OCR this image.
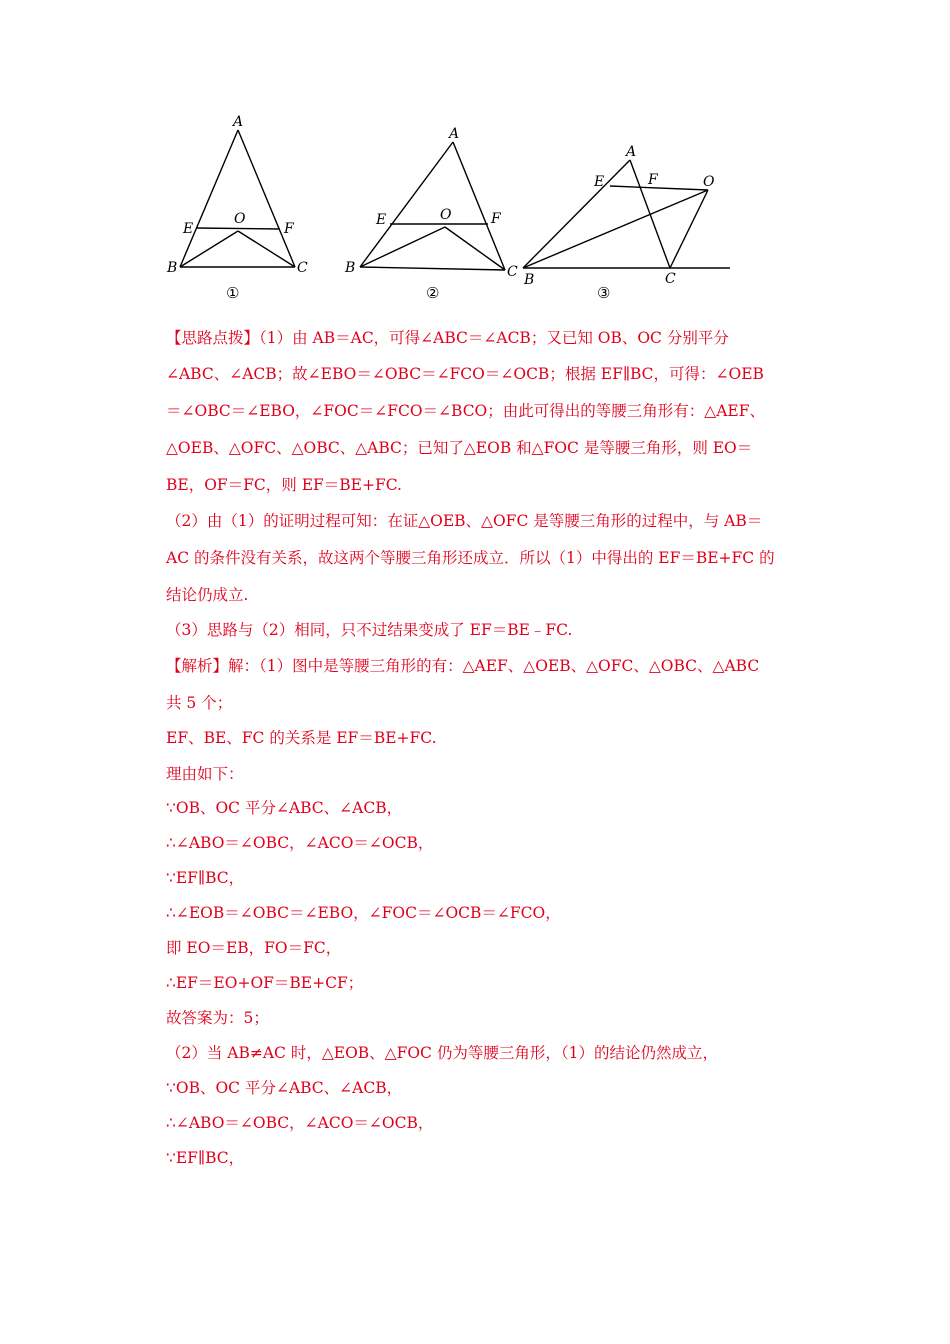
A
B	C
E	F
O
①
A
B	C
E	F
O
②
A
B	C
E	F	O
③
【思路点拨】（1）由 AB＝AC，可得∠ABC＝∠ACB；又已知 OB、OC 分别平分
∠ABC、∠ACB；故∠EBO＝∠OBC＝∠FCO＝∠OCB；根据 EF∥BC，可得：∠OEB
＝∠OBC＝∠EBO，∠FOC＝∠FCO＝∠BCO；由此可得出的等腰三角形有：△AEF、
△OEB、△OFC、△OBC、△ABC；已知了△EOB 和△FOC 是等腰三角形，则 EO＝
BE，OF＝FC，则 EF＝BE+FC.
（2）由（1）的证明过程可知：在证△OEB、△OFC 是等腰三角形的过程中，与 AB＝
AC 的条件没有关系，故这两个等腰三角形还成立．所以（1）中得出的 EF＝BE+FC 的
结论仍成立.
（3）思路与（2）相同，只不过结果变成了 EF＝BE﹣FC.
【解析】解：（1）图中是等腰三角形的有：△AEF、△OEB、△OFC、△OBC、△ABC
共 5 个；
EF、BE、FC 的关系是 EF＝BE+FC.
理由如下：
∵OB、OC 平分∠ABC、∠ACB，
∴∠ABO＝∠OBC，∠ACO＝∠OCB，
∵EF∥BC，
∴∠EOB＝∠OBC＝∠EBO，∠FOC＝∠OCB＝∠FCO，
即 EO＝EB，FO＝FC，
∴EF＝EO+OF＝BE+CF；
故答案为：5；
（2）当 AB≠AC 时，△EOB、△FOC 仍为等腰三角形，（1）的结论仍然成立，
∵OB、OC 平分∠ABC、∠ACB，
∴∠ABO＝∠OBC，∠ACO＝∠OCB，
∵EF∥BC，
